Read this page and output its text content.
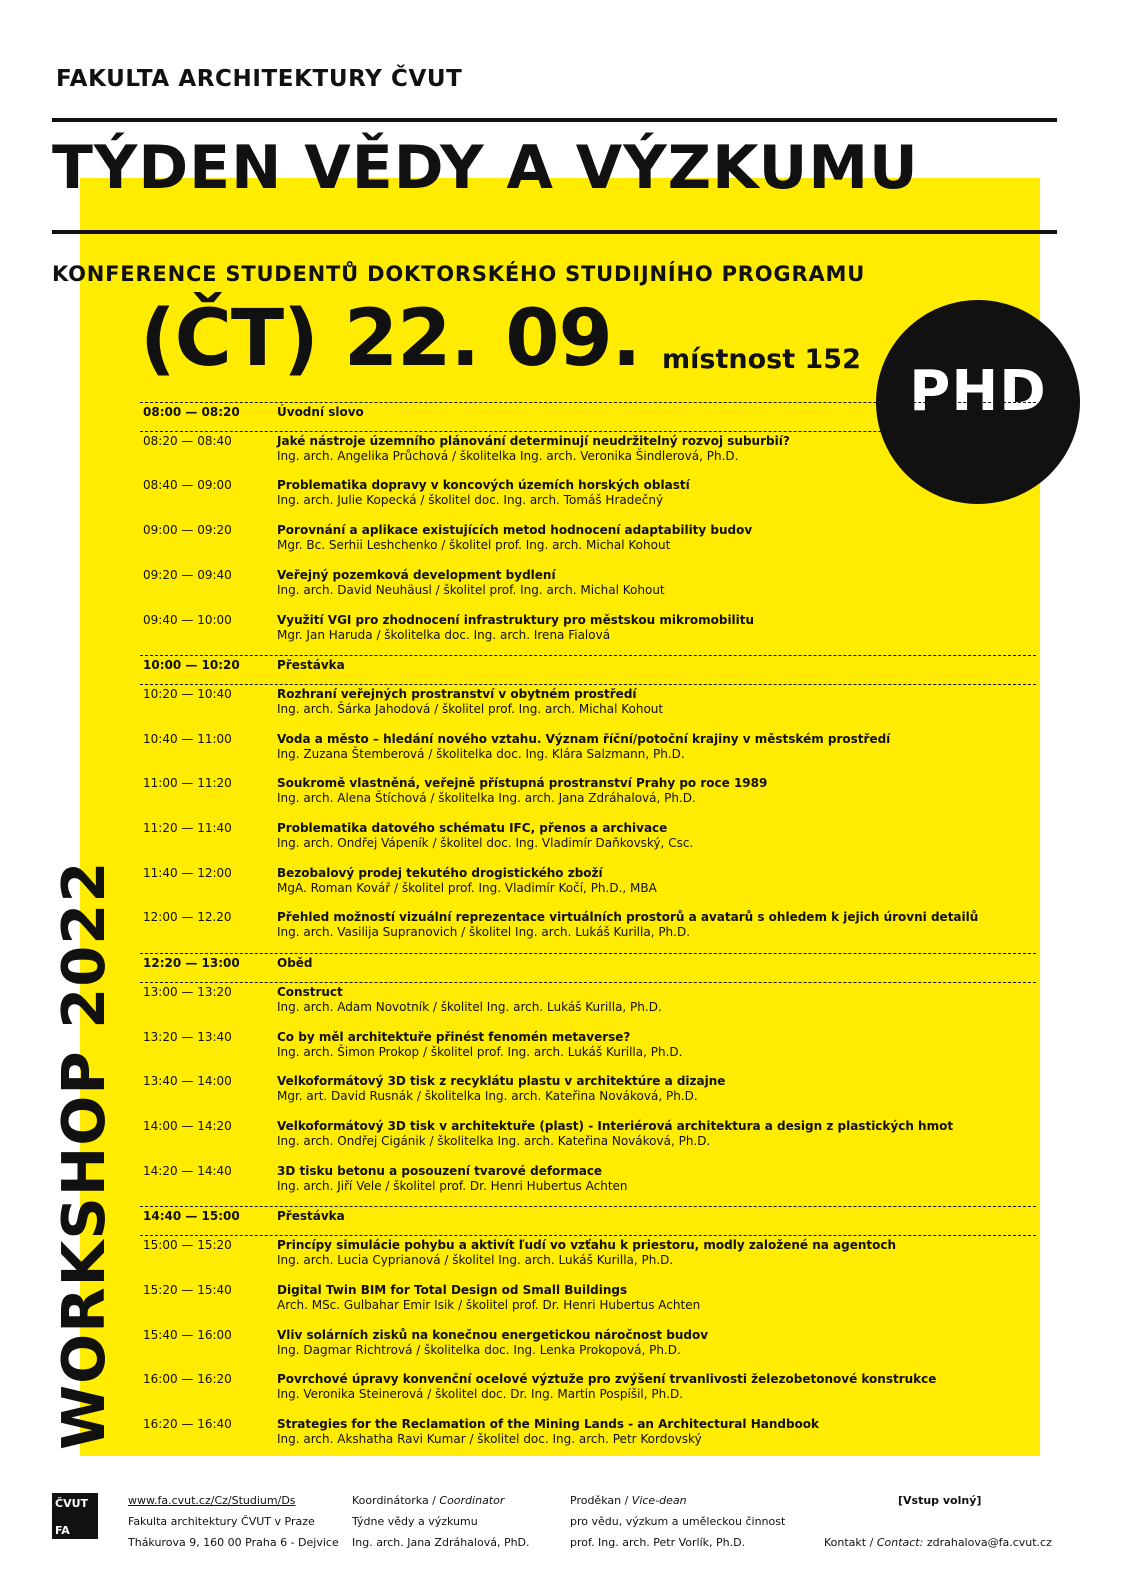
FAKULTA ARCHITEKTURY ČVUT
TÝDEN VĚDY A VÝZKUMU
KONFERENCE STUDENTŮ DOKTORSKÉHO STUDIJNÍHO PROGRAMU
(ČT) 22. 09. místnost 152 PHD
WORKSHOP 2022
08:00 — 08:20	Úvodní slovo
08:20 — 08:40	Jaké nástroje územního plánování determinují neudržitelný rozvoj suburbií?
Ing. arch. Angelika Průchová / školitelka Ing. arch. Veronika Šindlerová, Ph.D.
08:40 — 09:00	Problematika dopravy v koncových územích horských oblastí
Ing. arch. Julie Kopecká / školitel doc. Ing. arch. Tomáš Hradečný
09:00 — 09:20	Porovnání a aplikace existujících metod hodnocení adaptability budov
Mgr. Bc. Serhii Leshchenko / školitel prof. Ing. arch. Michal Kohout
09:20 — 09:40	Veřejný pozemková development bydlení
Ing. arch. David Neuhäusl / školitel prof. Ing. arch. Michal Kohout
09:40 — 10:00	Využití VGI pro zhodnocení infrastruktury pro městskou mikromobilitu
Mgr. Jan Haruda / školitelka doc. Ing. arch. Irena Fialová
10:00 — 10:20	Přestávka
10:20 — 10:40	Rozhraní veřejných prostranství v obytném prostředí
Ing. arch. Šárka Jahodová / školitel prof. Ing. arch. Michal Kohout
10:40 — 11:00	Voda a město – hledání nového vztahu. Význam říční/potoční krajiny v městském prostředí
Ing. Zuzana Štemberová / školitelka doc. Ing. Klára Salzmann, Ph.D.
11:00 — 11:20	Soukromě vlastněná, veřejně přístupná prostranství Prahy po roce 1989
Ing. arch. Alena Štíchová / školitelka Ing. arch. Jana Zdráhalová, Ph.D.
11:20 — 11:40	Problematika datového schématu IFC, přenos a archivace
Ing. arch. Ondřej Vápeník / školitel doc. Ing. Vladimír Daňkovský, Csc.
11:40 — 12:00	Bezobalový prodej tekutého drogistického zboží
MgA. Roman Kovář / školitel prof. Ing. Vladimír Kočí, Ph.D., MBA
12:00 — 12.20	Přehled možností vizuální reprezentace virtuálních prostorů a avatarů s ohledem k jejich úrovni detailů
Ing. arch. Vasilija Supranovich / školitel Ing. arch. Lukáš Kurilla, Ph.D.
12:20 — 13:00	Oběd
13:00 — 13:20	Construct
Ing. arch. Adam Novotník / školitel Ing. arch. Lukáš Kurilla, Ph.D.
13:20 — 13:40	Co by měl architektuře přinést fenomén metaverse?
Ing. arch. Šimon Prokop / školitel prof. Ing. arch. Lukáš Kurilla, Ph.D.
13:40 — 14:00	Velkoformátový 3D tisk z recyklátu plastu v architektúre a dizajne
Mgr. art. David Rusnák / školitelka Ing. arch. Kateřina Nováková, Ph.D.
14:00 — 14:20	Velkoformátový 3D tisk v architektuře (plast) - Interiérová architektura a design z plastických hmot
Ing. arch. Ondřej Cigánik / školitelka Ing. arch. Kateřina Nováková, Ph.D.
14:20 — 14:40	3D tisku betonu a posouzení tvarové deformace
Ing. arch. Jiří Vele / školitel prof. Dr. Henri Hubertus Achten
14:40 — 15:00	Přestávka
15:00 — 15:20	Princípy simulácie pohybu a aktivít ľudí vo vzťahu k priestoru, modly založené na agentoch
Ing. arch. Lucia Cyprianová / školitel Ing. arch. Lukáš Kurilla, Ph.D.
15:20 — 15:40	Digital Twin BIM for Total Design od Small Buildings
Arch. MSc. Gulbahar Emir Isik / školitel prof. Dr. Henri Hubertus Achten
15:40 — 16:00	Vliv solárních zisků na konečnou energetickou náročnost budov
Ing. Dagmar Richtrová / školitelka doc. Ing. Lenka Prokopová, Ph.D.
16:00 — 16:20	Povrchové úpravy konvenční ocelové výztuže pro zvýšení trvanlivosti železobetonové konstrukce
Ing. Veronika Steinerová / školitel doc. Dr. Ing. Martin Pospíšil, Ph.D.
16:20 — 16:40	Strategies for the Reclamation of the Mining Lands - an Architectural Handbook
Ing. arch. Akshatha Ravi Kumar / školitel doc. Ing. arch. Petr Kordovský
ČVUT
FA
www.fa.cvut.cz/Cz/Studium/Ds
Fakulta architektury ČVUT v Praze
Thákurova 9, 160 00 Praha 6 - Dejvice
Koordinátorka / Coordinator
Týdne vědy a výzkumu
Ing. arch. Jana Zdráhalová, PhD.
Proděkan / Vice-dean
pro vědu, výzkum a uměleckou činnost
prof. Ing. arch. Petr Vorlík, Ph.D.
[Vstup volný]
Kontakt / Contact: zdrahalova@fa.cvut.cz
